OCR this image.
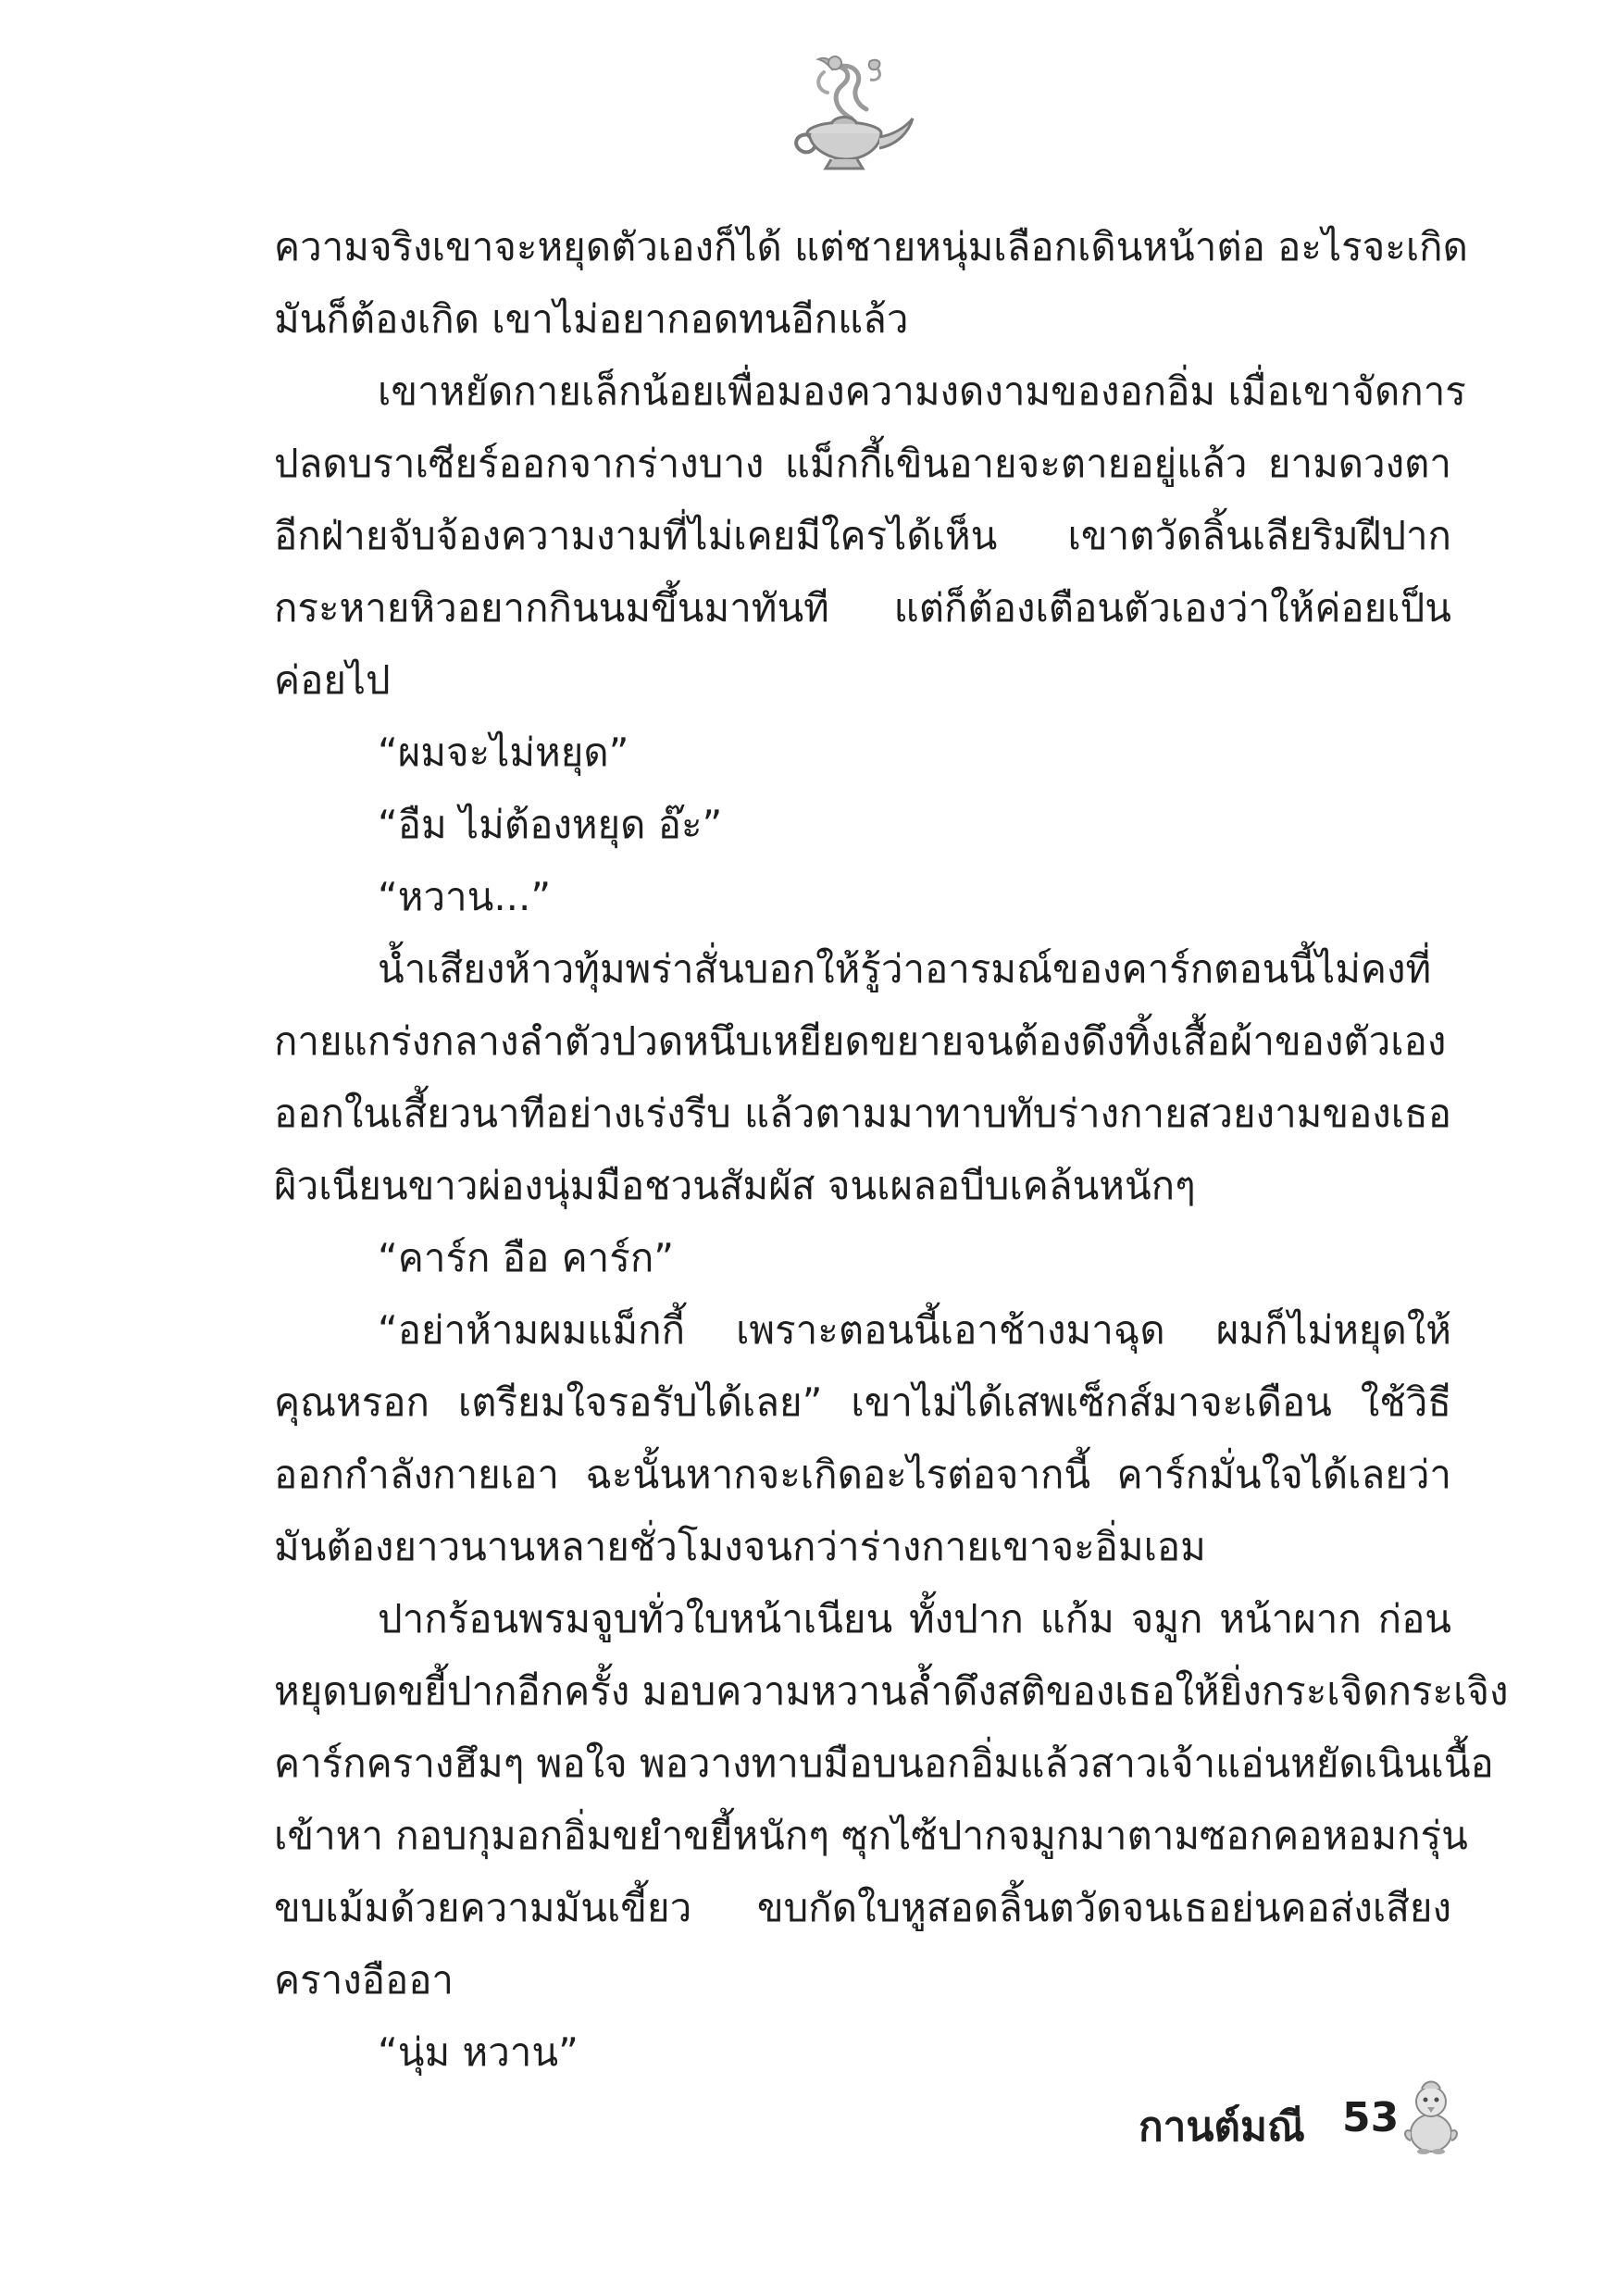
ความจริงเขาจะหยุดตัวเองก็ได้ แต่ชายหนุ่มเลือกเดินหน้าต่อ อะไรจะเกิด
มันก็ต้องเกิด เขาไม่อยากอดทนอีกแล้ว
เขาหยัดกายเล็กน้อยเพื่อมองความงดงามของอกอิ่ม เมื่อเขาจัดการ
ปลดบราเซียร์ออกจากร่างบาง แม็กกี้เขินอายจะตายอยู่แล้ว ยามดวงตา
อีกฝ่ายจับจ้องความงามที่ไม่เคยมีใครได้เห็น เขาตวัดลิ้นเลียริมฝีปาก
กระหายหิวอยากกินนมขึ้นมาทันที แต่ก็ต้องเตือนตัวเองว่าให้ค่อยเป็น
ค่อยไป
“ผมจะไม่หยุด”
“อืม ไม่ต้องหยุด อ๊ะ”
“หวาน...”
น้ำเสียงห้าวทุ้มพร่าสั่นบอกให้รู้ว่าอารมณ์ของคาร์กตอนนี้ไม่คงที่
กายแกร่งกลางลำตัวปวดหนึบเหยียดขยายจนต้องดึงทิ้งเสื้อผ้าของตัวเอง
ออกในเสี้ยวนาทีอย่างเร่งรีบ แล้วตามมาทาบทับร่างกายสวยงามของเธอ
ผิวเนียนขาวผ่องนุ่มมือชวนสัมผัส จนเผลอบีบเคล้นหนักๆ
“คาร์ก อือ คาร์ก”
“อย่าห้ามผมแม็กกี้ เพราะตอนนี้เอาช้างมาฉุด ผมก็ไม่หยุดให้
คุณหรอก เตรียมใจรอรับได้เลย” เขาไม่ได้เสพเซ็กส์มาจะเดือน ใช้วิธี
ออกกำลังกายเอา ฉะนั้นหากจะเกิดอะไรต่อจากนี้ คาร์กมั่นใจได้เลยว่า
มันต้องยาวนานหลายชั่วโมงจนกว่าร่างกายเขาจะอิ่มเอม
ปากร้อนพรมจูบทั่วใบหน้าเนียน ทั้งปาก แก้ม จมูก หน้าผาก ก่อน
หยุดบดขยี้ปากอีกครั้ง มอบความหวานล้ำดึงสติของเธอให้ยิ่งกระเจิดกระเจิง
คาร์กครางฮึมๆ พอใจ พอวางทาบมือบนอกอิ่มแล้วสาวเจ้าแอ่นหยัดเนินเนื้อ
เข้าหา กอบกุมอกอิ่มขยำขยี้หนักๆ ซุกไซ้ปากจมูกมาตามซอกคอหอมกรุ่น
ขบเม้มด้วยความมันเขี้ยว ขบกัดใบหูสอดลิ้นตวัดจนเธอย่นคอส่งเสียง
ครางอืออา
“นุ่ม หวาน”
กานต์มณี 53
